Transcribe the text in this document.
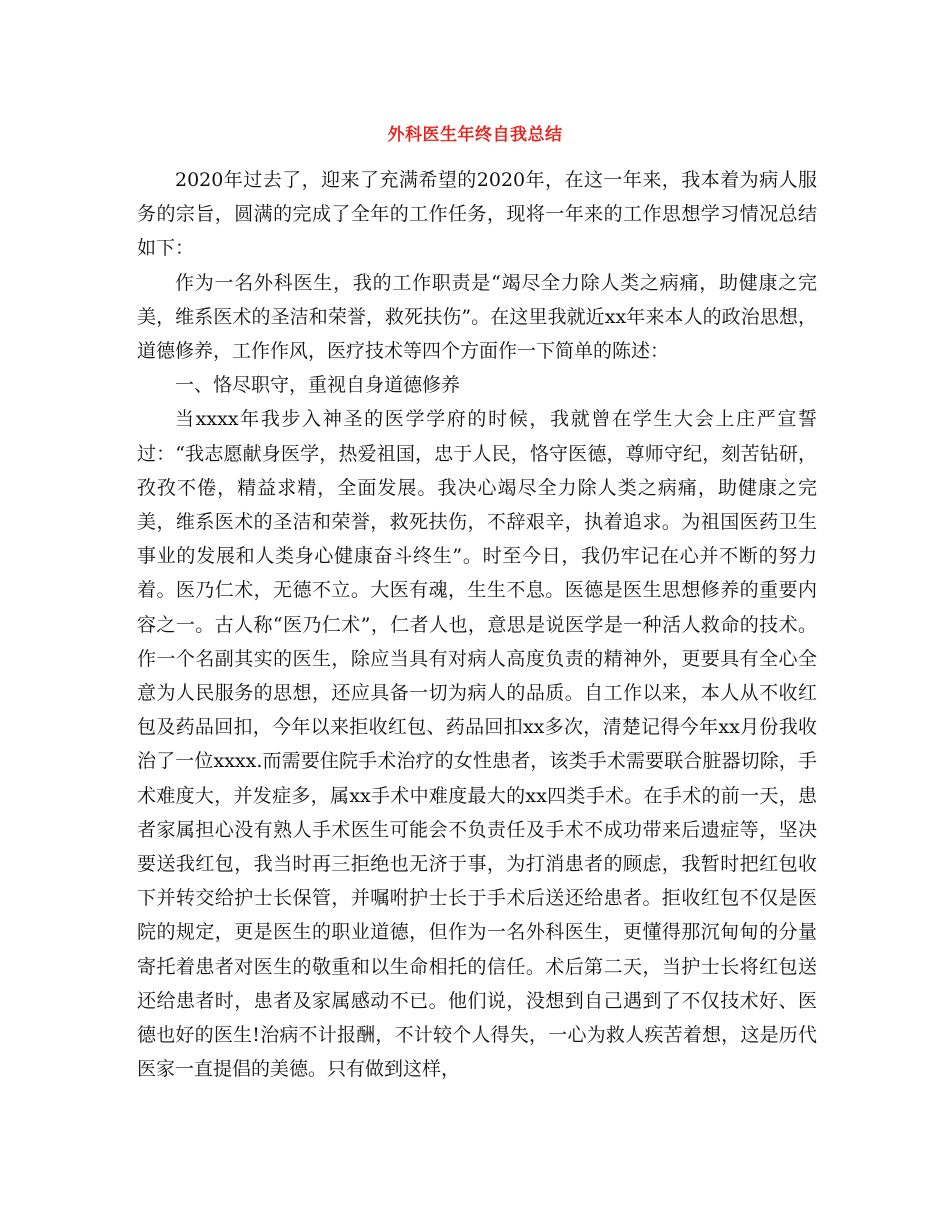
外科医生年终自我总结

2020年过去了，迎来了充满希望的2020年，在这一年来，我本着为病人服务的宗旨，圆满的完成了全年的工作任务，现将一年来的工作思想学习情况总结如下：

作为一名外科医生，我的工作职责是“竭尽全力除人类之病痛，助健康之完美，维系医术的圣洁和荣誉，救死扶伤”。在这里我就近xx年来本人的政治思想，道德修养，工作作风，医疗技术等四个方面作一下简单的陈述：

一、恪尽职守，重视自身道德修养

当xxxx年我步入神圣的医学学府的时候，我就曾在学生大会上庄严宣誓过：“我志愿献身医学，热爱祖国，忠于人民，恪守医德，尊师守纪，刻苦钻研，孜孜不倦，精益求精，全面发展。我决心竭尽全力除人类之病痛，助健康之完美，维系医术的圣洁和荣誉，救死扶伤，不辞艰辛，执着追求。为祖国医药卫生事业的发展和人类身心健康奋斗终生”。时至今日，我仍牢记在心并不断的努力着。医乃仁术，无德不立。大医有魂，生生不息。医德是医生思想修养的重要内容之一。古人称“医乃仁术”，仁者人也，意思是说医学是一种活人救命的技术。作一个名副其实的医生，除应当具有对病人高度负责的精神外，更要具有全心全意为人民服务的思想，还应具备一切为病人的品质。自工作以来，本人从不收红包及药品回扣，今年以来拒收红包、药品回扣xx多次，清楚记得今年xx月份我收治了一位xxxx.而需要住院手术治疗的女性患者，该类手术需要联合脏器切除，手术难度大，并发症多，属xx手术中难度最大的xx四类手术。在手术的前一天，患者家属担心没有熟人手术医生可能会不负责任及手术不成功带来后遗症等，坚决要送我红包，我当时再三拒绝也无济于事，为打消患者的顾虑，我暂时把红包收下并转交给护士长保管，并嘱咐护士长于手术后送还给患者。拒收红包不仅是医院的规定，更是医生的职业道德，但作为一名外科医生，更懂得那沉甸甸的分量寄托着患者对医生的敬重和以生命相托的信任。术后第二天，当护士长将红包送还给患者时，患者及家属感动不已。他们说，没想到自己遇到了不仅技术好、医德也好的医生!治病不计报酬，不计较个人得失，一心为救人疾苦着想，这是历代医家一直提倡的美德。只有做到这样，
